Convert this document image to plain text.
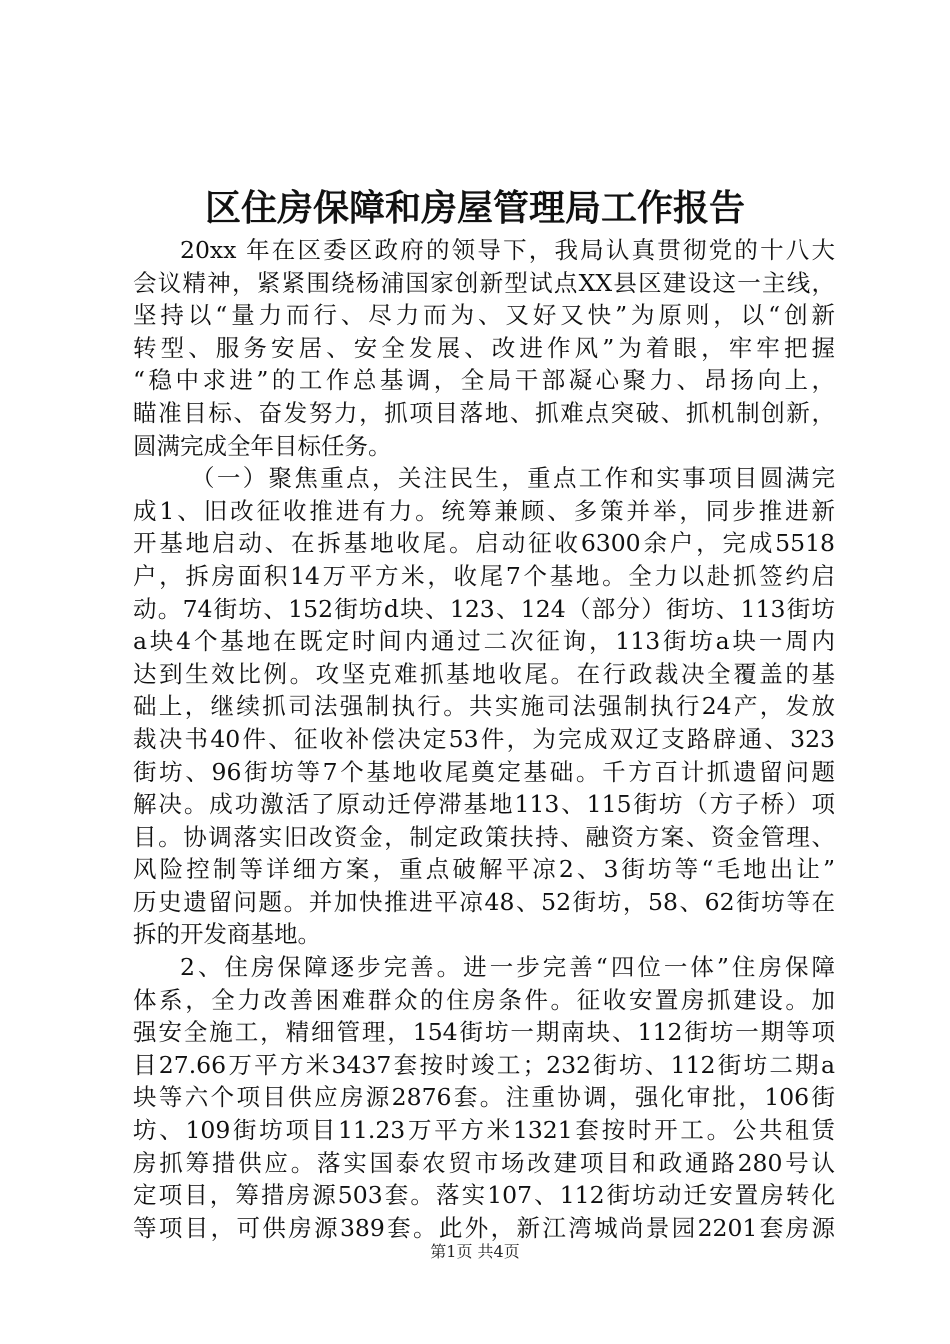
区住房保障和房屋管理局工作报告
20xx 年在区委区政府的领导下，我局认真贯彻党的十八大
会议精神，紧紧围绕杨浦国家创新型试点XX县区建设这一主线，
坚持以“量力而行、尽力而为、又好又快”为原则，以“创新
转型、服务安居、安全发展、改进作风”为着眼，牢牢把握
“稳中求进”的工作总基调，全局干部凝心聚力、昂扬向上，
瞄准目标、奋发努力，抓项目落地、抓难点突破、抓机制创新，
圆满完成全年目标任务。
（一）聚焦重点，关注民生，重点工作和实事项目圆满完
成1、旧改征收推进有力。统筹兼顾、多策并举，同步推进新
开基地启动、在拆基地收尾。启动征收6300余户，完成5518
户，拆房面积14万平方米，收尾7个基地。全力以赴抓签约启
动。74街坊、152街坊d块、123、124（部分）街坊、113街坊
a块4个基地在既定时间内通过二次征询，113街坊a块一周内
达到生效比例。攻坚克难抓基地收尾。在行政裁决全覆盖的基
础上，继续抓司法强制执行。共实施司法强制执行24产，发放
裁决书40件、征收补偿决定53件，为完成双辽支路辟通、323
街坊、96街坊等7个基地收尾奠定基础。千方百计抓遗留问题
解决。成功激活了原动迁停滞基地113、115街坊（方子桥）项
目。协调落实旧改资金，制定政策扶持、融资方案、资金管理、
风险控制等详细方案，重点破解平凉2、3街坊等“毛地出让”
历史遗留问题。并加快推进平凉48、52街坊，58、62街坊等在
拆的开发商基地。
2、住房保障逐步完善。进一步完善“四位一体”住房保障
体系，全力改善困难群众的住房条件。征收安置房抓建设。加
强安全施工，精细管理，154街坊一期南块、112街坊一期等项
目27.66万平方米3437套按时竣工；232街坊、112街坊二期a
块等六个项目供应房源2876套。注重协调，强化审批，106街
坊、109街坊项目11.23万平方米1321套按时开工。公共租赁
房抓筹措供应。落实国泰农贸市场改建项目和政通路280号认
定项目，筹措房源503套。落实107、112街坊动迁安置房转化
等项目，可供房源389套。此外，新江湾城尚景园2201套房源
第1页 共4页
